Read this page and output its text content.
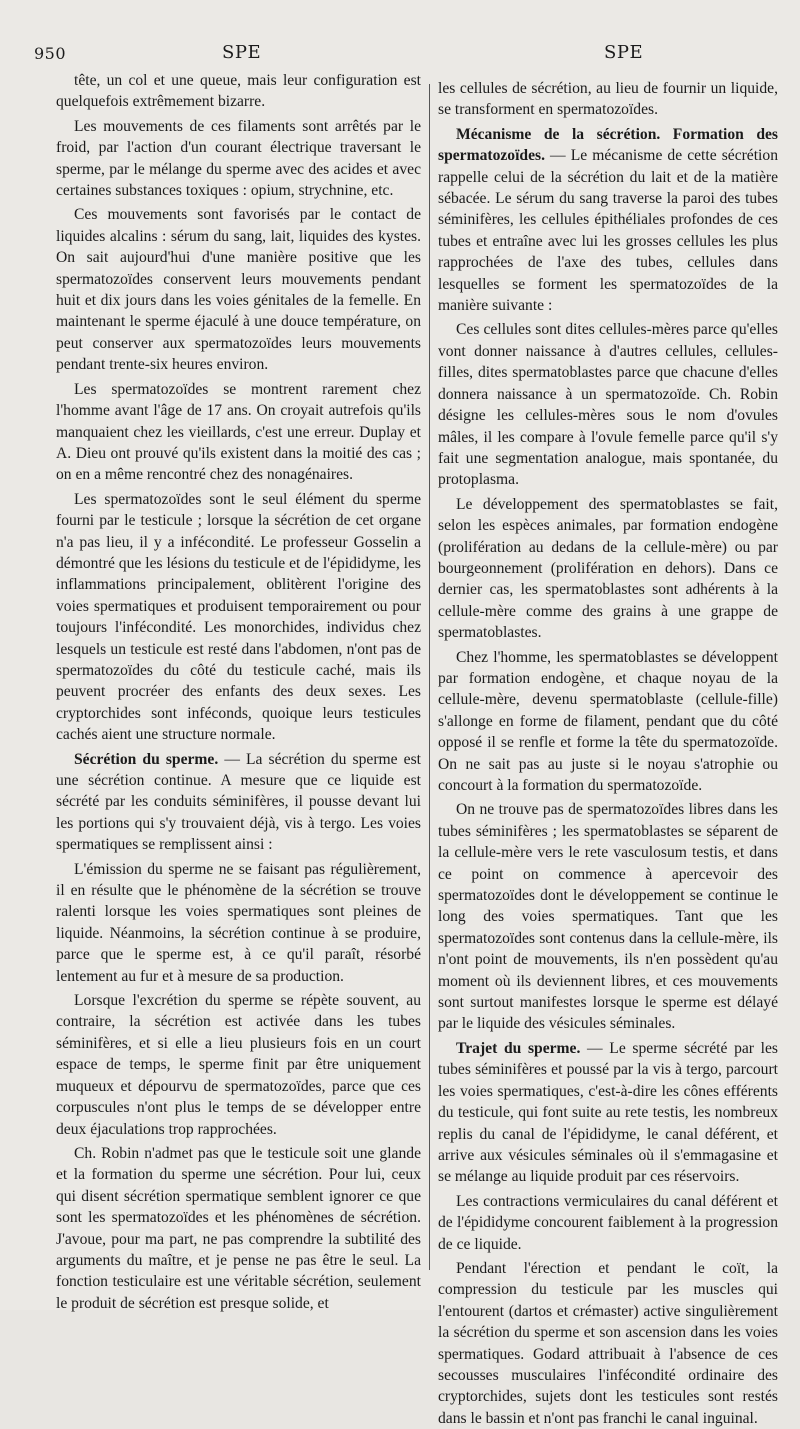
950	SPE	SPE

tête, un col et une queue, mais leur configuration est quelquefois extrêmement bizarre.

Les mouvements de ces filaments sont arrêtés par le froid, par l'action d'un courant électrique traversant le sperme, par le mélange du sperme avec des acides et avec certaines substances toxiques : opium, strychnine, etc.

Ces mouvements sont favorisés par le contact de liquides alcalins : sérum du sang, lait, liquides des kystes. On sait aujourd'hui d'une manière positive que les spermatozoïdes conservent leurs mouvements pendant huit et dix jours dans les voies génitales de la femelle. En maintenant le sperme éjaculé à une douce température, on peut conserver aux spermatozoïdes leurs mouvements pendant trente-six heures environ.

Les spermatozoïdes se montrent rarement chez l'homme avant l'âge de 17 ans. On croyait autrefois qu'ils manquaient chez les vieillards, c'est une erreur. Duplay et A. Dieu ont prouvé qu'ils existent dans la moitié des cas ; on en a même rencontré chez des nonagénaires.

Les spermatozoïdes sont le seul élément du sperme fourni par le testicule ; lorsque la sécrétion de cet organe n'a pas lieu, il y a infécondité. Le professeur Gosselin a démontré que les lésions du testicule et de l'épididyme, les inflammations principalement, oblitèrent l'origine des voies spermatiques et produisent temporairement ou pour toujours l'infécondité. Les monorchides, individus chez lesquels un testicule est resté dans l'abdomen, n'ont pas de spermatozoïdes du côté du testicule caché, mais ils peuvent procréer des enfants des deux sexes. Les cryptorchides sont inféconds, quoique leurs testicules cachés aient une structure normale.

Sécrétion du sperme. — La sécrétion du sperme est une sécrétion continue. A mesure que ce liquide est sécrété par les conduits séminifères, il pousse devant lui les portions qui s'y trouvaient déjà, vis à tergo. Les voies spermatiques se remplissent ainsi :

L'émission du sperme ne se faisant pas régulièrement, il en résulte que le phénomène de la sécrétion se trouve ralenti lorsque les voies spermatiques sont pleines de liquide. Néanmoins, la sécrétion continue à se produire, parce que le sperme est, à ce qu'il paraît, résorbé lentement au fur et à mesure de sa production.

Lorsque l'excrétion du sperme se répète souvent, au contraire, la sécrétion est activée dans les tubes séminifères, et si elle a lieu plusieurs fois en un court espace de temps, le sperme finit par être uniquement muqueux et dépourvu de spermatozoïdes, parce que ces corpuscules n'ont plus le temps de se développer entre deux éjaculations trop rapprochées.

Ch. Robin n'admet pas que le testicule soit une glande et la formation du sperme une sécrétion. Pour lui, ceux qui disent sécrétion spermatique semblent ignorer ce que sont les spermatozoïdes et les phénomènes de sécrétion. J'avoue, pour ma part, ne pas comprendre la subtilité des arguments du maître, et je pense ne pas être le seul. La fonction testiculaire est une véritable sécrétion, seulement le produit de sécrétion est presque solide, et

les cellules de sécrétion, au lieu de fournir un liquide, se transforment en spermatozoïdes.

Mécanisme de la sécrétion. Formation des spermatozoïdes. — Le mécanisme de cette sécrétion rappelle celui de la sécrétion du lait et de la matière sébacée. Le sérum du sang traverse la paroi des tubes séminifères, les cellules épithéliales profondes de ces tubes et entraîne avec lui les grosses cellules les plus rapprochées de l'axe des tubes, cellules dans lesquelles se forment les spermatozoïdes de la manière suivante :

Ces cellules sont dites cellules-mères parce qu'elles vont donner naissance à d'autres cellules, cellules-filles, dites spermatoblastes parce que chacune d'elles donnera naissance à un spermatozoïde. Ch. Robin désigne les cellules-mères sous le nom d'ovules mâles, il les compare à l'ovule femelle parce qu'il s'y fait une segmentation analogue, mais spontanée, du protoplasma.

Le développement des spermatoblastes se fait, selon les espèces animales, par formation endogène (prolifération au dedans de la cellule-mère) ou par bourgeonnement (prolifération en dehors). Dans ce dernier cas, les spermatoblastes sont adhérents à la cellule-mère comme des grains à une grappe de spermatoblastes.

Chez l'homme, les spermatoblastes se développent par formation endogène, et chaque noyau de la cellule-mère, devenu spermatoblaste (cellule-fille) s'allonge en forme de filament, pendant que du côté opposé il se renfle et forme la tête du spermatozoïde. On ne sait pas au juste si le noyau s'atrophie ou concourt à la formation du spermatozoïde.

On ne trouve pas de spermatozoïdes libres dans les tubes séminifères ; les spermatoblastes se séparent de la cellule-mère vers le rete vasculosum testis, et dans ce point on commence à apercevoir des spermatozoïdes dont le développement se continue le long des voies spermatiques. Tant que les spermatozoïdes sont contenus dans la cellule-mère, ils n'ont point de mouvements, ils n'en possèdent qu'au moment où ils deviennent libres, et ces mouvements sont surtout manifestes lorsque le sperme est délayé par le liquide des vésicules séminales.

Trajet du sperme. — Le sperme sécrété par les tubes séminifères et poussé par la vis à tergo, parcourt les voies spermatiques, c'est-à-dire les cônes efférents du testicule, qui font suite au rete testis, les nombreux replis du canal de l'épididyme, le canal déférent, et arrive aux vésicules séminales où il s'emmagasine et se mélange au liquide produit par ces réservoirs.

Les contractions vermiculaires du canal déférent et de l'épididyme concourent faiblement à la progression de ce liquide.

Pendant l'érection et pendant le coït, la compression du testicule par les muscles qui l'entourent (dartos et crémaster) active singulièrement la sécrétion du sperme et son ascension dans les voies spermatiques. Godard attribuait à l'absence de ces secousses musculaires l'infécondité ordinaire des cryptorchides, sujets dont les testicules sont restés dans le bassin et n'ont pas franchi le canal inguinal.
